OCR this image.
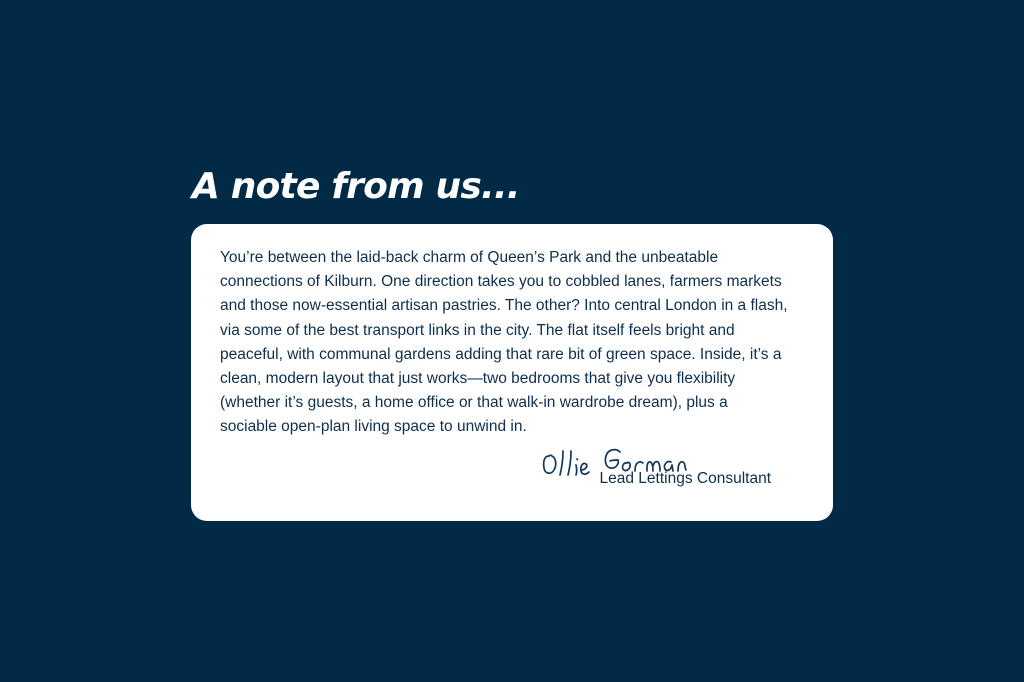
A note from us...

You’re between the laid-back charm of Queen’s Park and the unbeatable
connections of Kilburn. One direction takes you to cobbled lanes, farmers markets
and those now-essential artisan pastries. The other? Into central London in a flash,
via some of the best transport links in the city. The flat itself feels bright and
peaceful, with communal gardens adding that rare bit of green space. Inside, it’s a
clean, modern layout that just works—two bedrooms that give you flexibility
(whether it’s guests, a home office or that walk-in wardrobe dream), plus a
sociable open-plan living space to unwind in.

Lead Lettings Consultant
